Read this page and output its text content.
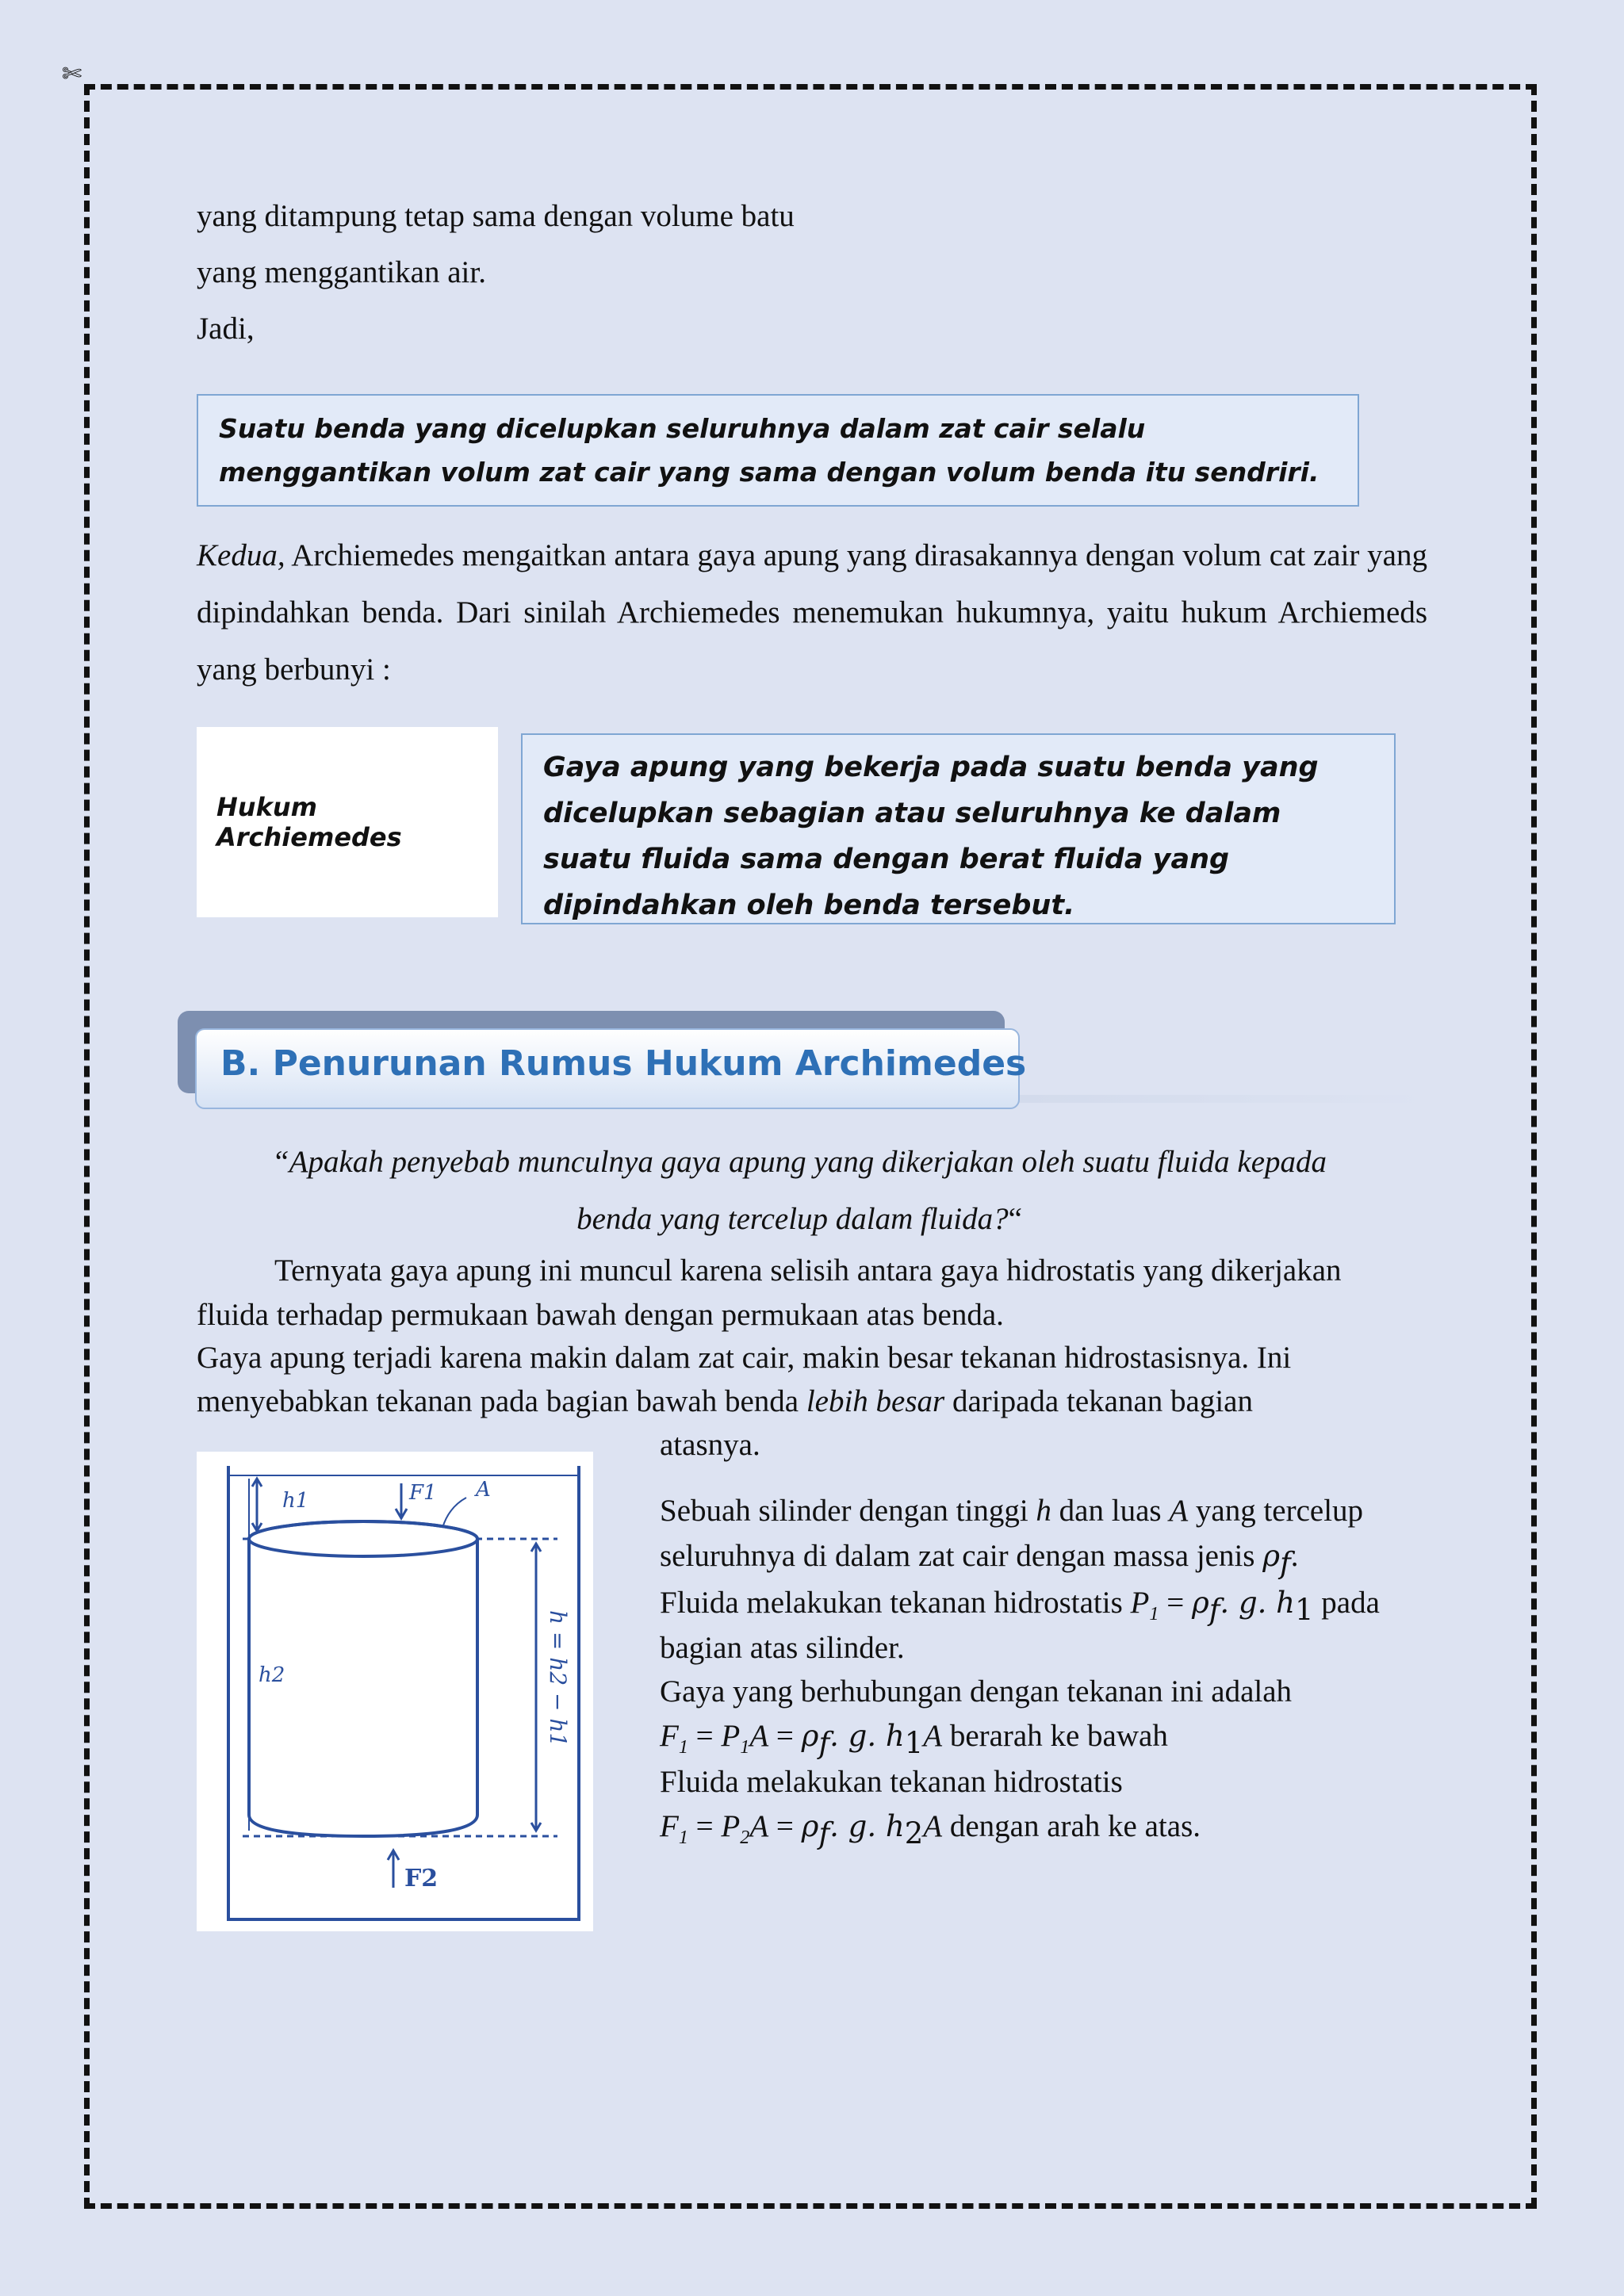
✄

yang ditampung tetap sama dengan volume batu

yang menggantikan air.

Jadi,

Suatu benda yang dicelupkan seluruhnya dalam zat cair selalu menggantikan volum zat cair yang sama dengan volum benda itu sendriri.

Kedua, Archiemedes mengaitkan antara gaya apung yang dirasakannya dengan volum cat zair yang dipindahkan benda. Dari sinilah Archiemedes menemukan hukumnya, yaitu hukum Archiemeds yang berbunyi :

Hukum Archiemedes
Gaya apung yang bekerja pada suatu benda yang dicelupkan sebagian atau seluruhnya ke dalam suatu fluida sama dengan berat fluida yang dipindahkan oleh benda tersebut.
B. Penurunan Rumus Hukum Archimedes
“Apakah penyebab munculnya gaya apung yang dikerjakan oleh suatu fluida kepada
benda yang tercelup dalam fluida?“

Ternyata gaya apung ini muncul karena selisih antara gaya hidrostatis yang dikerjakan

fluida terhadap permukaan bawah dengan permukaan atas benda.

Gaya apung terjadi karena makin dalam zat cair, makin besar tekanan hidrostasisnya. Ini

menyebabkan tekanan pada bagian bawah benda lebih besar daripada tekanan bagian

atasnya.

h1	F1 A
h2	h = h2 − h1
F2

Sebuah silinder dengan tinggi h dan luas A yang tercelup

seluruhnya di dalam zat cair dengan massa jenis $\rho_f$.

Fluida melakukan tekanan hidrostatis $P_1 = \rho_f$. g. $h_1$ pada

bagian atas silinder.

Gaya yang berhubungan dengan tekanan ini adalah

$F_1 = P_1A = \rho_f$. g. $h_1A$ berarah ke bawah

Fluida melakukan tekanan hidrostatis

$F_1 = P_2A = \rho_f$. g. $h_2A$ dengan arah ke atas.
